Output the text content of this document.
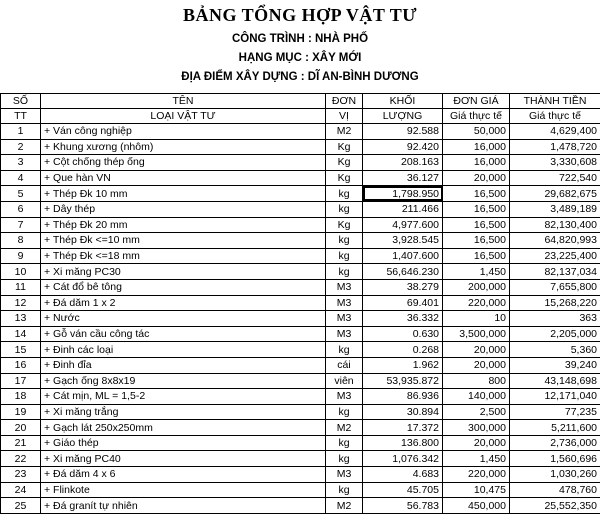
BẢNG TỔNG HỢP VẬT TƯ
CÔNG TRÌNH : NHÀ PHỐ
HẠNG MỤC : XÂY MỚI
ĐỊA ĐIỂM XÂY DỰNG : DĨ AN-BÌNH DƯƠNG
SỐ	TÊN	ĐƠN	KHỐI	ĐƠN GIÁ	THÀNH TIỀN
TT	LOẠI VẬT TƯ	VỊ	LƯỢNG	Giá thực tế	Giá thực tế
1	+ Ván công nghiệp	M2	92.588	50,000	4,629,400
2	+ Khung xương (nhôm)	Kg	92.420	16,000	1,478,720
3	+ Cột chống thép ống	Kg	208.163	16,000	3,330,608
4	+ Que hàn VN	Kg	36.127	20,000	722,540
5	+ Thép Đk 10 mm	kg	1,798.950	16,500	29,682,675
6	+ Dây thép	kg	211.466	16,500	3,489,189
7	+ Thép Đk 20 mm	Kg	4,977.600	16,500	82,130,400
8	+ Thép Đk <=10 mm	kg	3,928.545	16,500	64,820,993
9	+ Thép Đk <=18 mm	kg	1,407.600	16,500	23,225,400
10	+ Xi măng PC30	kg	56,646.230	1,450	82,137,034
11	+ Cát đổ bê tông	M3	38.279	200,000	7,655,800
12	+ Đá dăm 1 x 2	M3	69.401	220,000	15,268,220
13	+ Nước	M3	36.332	10	363
14	+ Gỗ ván cầu công tác	M3	0.630	3,500,000	2,205,000
15	+ Đinh các loại	kg	0.268	20,000	5,360
16	+ Đinh đỉa	cái	1.962	20,000	39,240
17	+ Gạch ống 8x8x19	viên	53,935.872	800	43,148,698
18	+ Cát mịn, ML = 1,5-2	M3	86.936	140,000	12,171,040
19	+ Xi măng trắng	kg	30.894	2,500	77,235
20	+ Gạch lát 250x250mm	M2	17.372	300,000	5,211,600
21	+ Giáo thép	kg	136.800	20,000	2,736,000
22	+ Xi măng PC40	kg	1,076.342	1,450	1,560,696
23	+ Đá dăm 4 x 6	M3	4.683	220,000	1,030,260
24	+ Flinkote	kg	45.705	10,475	478,760
25	+ Đá granít tự nhiên	M2	56.783	450,000	25,552,350
